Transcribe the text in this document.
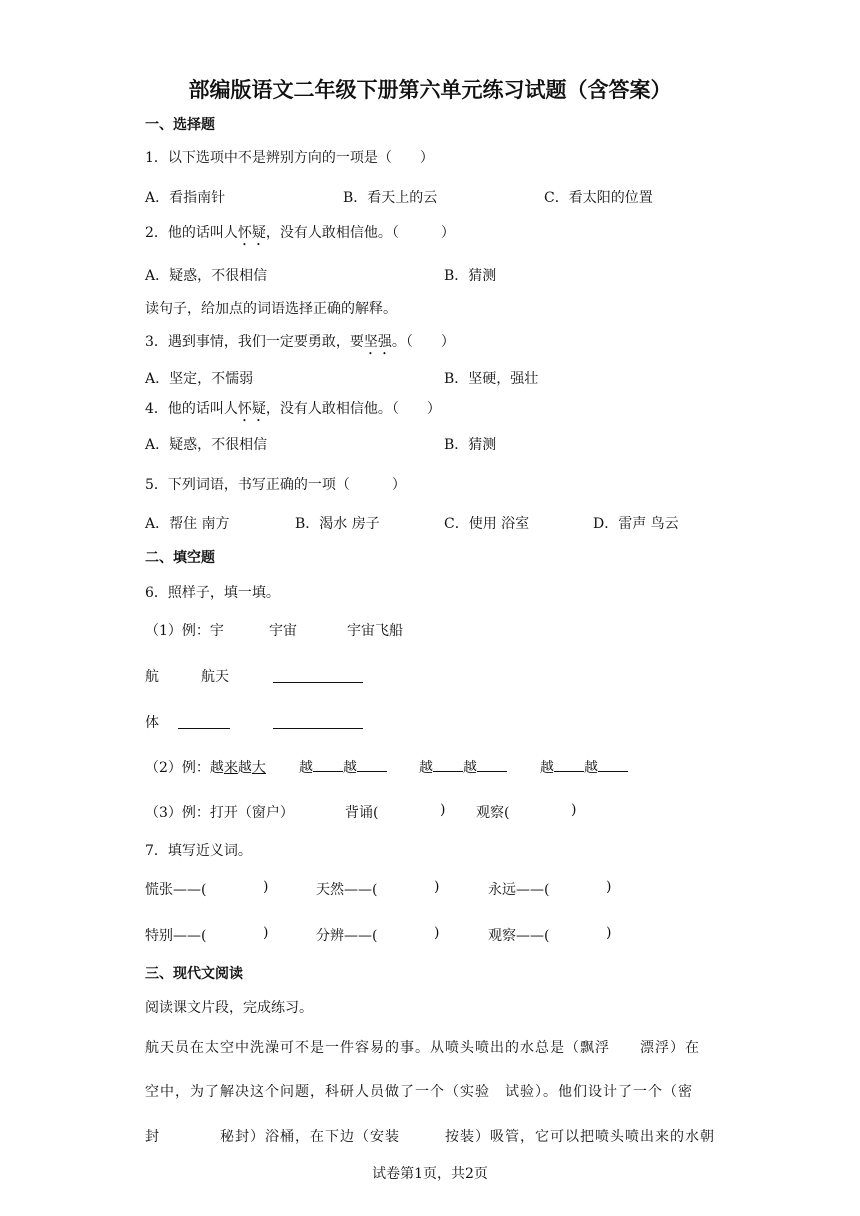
部编版语文二年级下册第六单元练习试题（含答案）
一、选择题
1．以下选项中不是辨别方向的一项是（　　）
A．看指南针	B．看天上的云	C．看太阳的位置
2．他的话叫人怀疑，没有人敢相信他。（　　　）
A．疑惑，不很相信	B．猜测
读句子，给加点的词语选择正确的解释。
3．遇到事情，我们一定要勇敢，要坚强。（　　）
A．坚定，不懦弱	B．坚硬，强壮
4．他的话叫人怀疑，没有人敢相信他。（　　）
A．疑惑，不很相信	B．猜测
5．下列词语，书写正确的一项（　　　）
A．帮住 南方	B．渴水 房子	C．使用 浴室	D．雷声 鸟云
二、填空题
6．照样子，填一填。
（1）例：宇	宇宙	宇宙飞船
航	航天
体
（2）例：越来越大 越 越	越 越	越 越
（3）例：打开（窗户）	背诵(	) 观察(	)
7．填写近义词。
慌张——(	)	天然——(	)	永远——(	)
特别——(	)	分辨——(	)	观察——(	)
三、现代文阅读
阅读课文片段，完成练习。
航天员在太空中洗澡可不是一件容易的事。从喷头喷出的水总是（飘浮　　漂浮）在
空中，为了解决这个问题，科研人员做了一个（实验　试验）。他们设计了一个（密
封　　　　秘封）浴桶，在下边（安装　　　按装）吸管，它可以把喷头喷出来的水朝
试卷第1页，共2页
